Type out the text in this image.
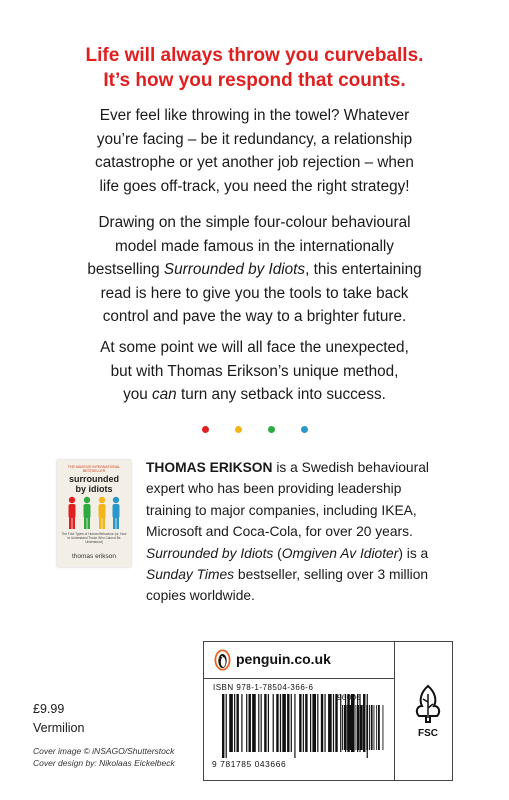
Life will always throw you curveballs.
It’s how you respond that counts.
Ever feel like throwing in the towel? Whatever
you’re facing – be it redundancy, a relationship
catastrophe or yet another job rejection – when
life goes off-track, you need the right strategy!
Drawing on the simple four-colour behavioural
model made famous in the internationally
bestselling Surrounded by Idiots, this entertaining
read is here to give you the tools to take back
control and pave the way to a brighter future.
At some point we will all face the unexpected,
but with Thomas Erikson’s unique method,
you can turn any setback into success.
THE MASSIVE INTERNATIONAL BESTSELLER
surrounded
by idiots
The Four Types of Human Behaviour (or, How to Understand Those Who Cannot Be Understood)
thomas erikson
THOMAS ERIKSON is a Swedish behavioural
expert who has been providing leadership
training to major companies, including IKEA,
Microsoft and Coca-Cola, for over 20 years.
Surrounded by Idiots (Omgiven Av Idioter) is a
Sunday Times bestseller, selling over 3 million
copies worldwide.
£9.99
Vermilion
Cover image © iNSAGO/Shutterstock
Cover design by: Nikolaas Eickelbeck
penguin.co.uk
ISBN 978-1-78504-366-6
90000
9 781785 043666
FSC
